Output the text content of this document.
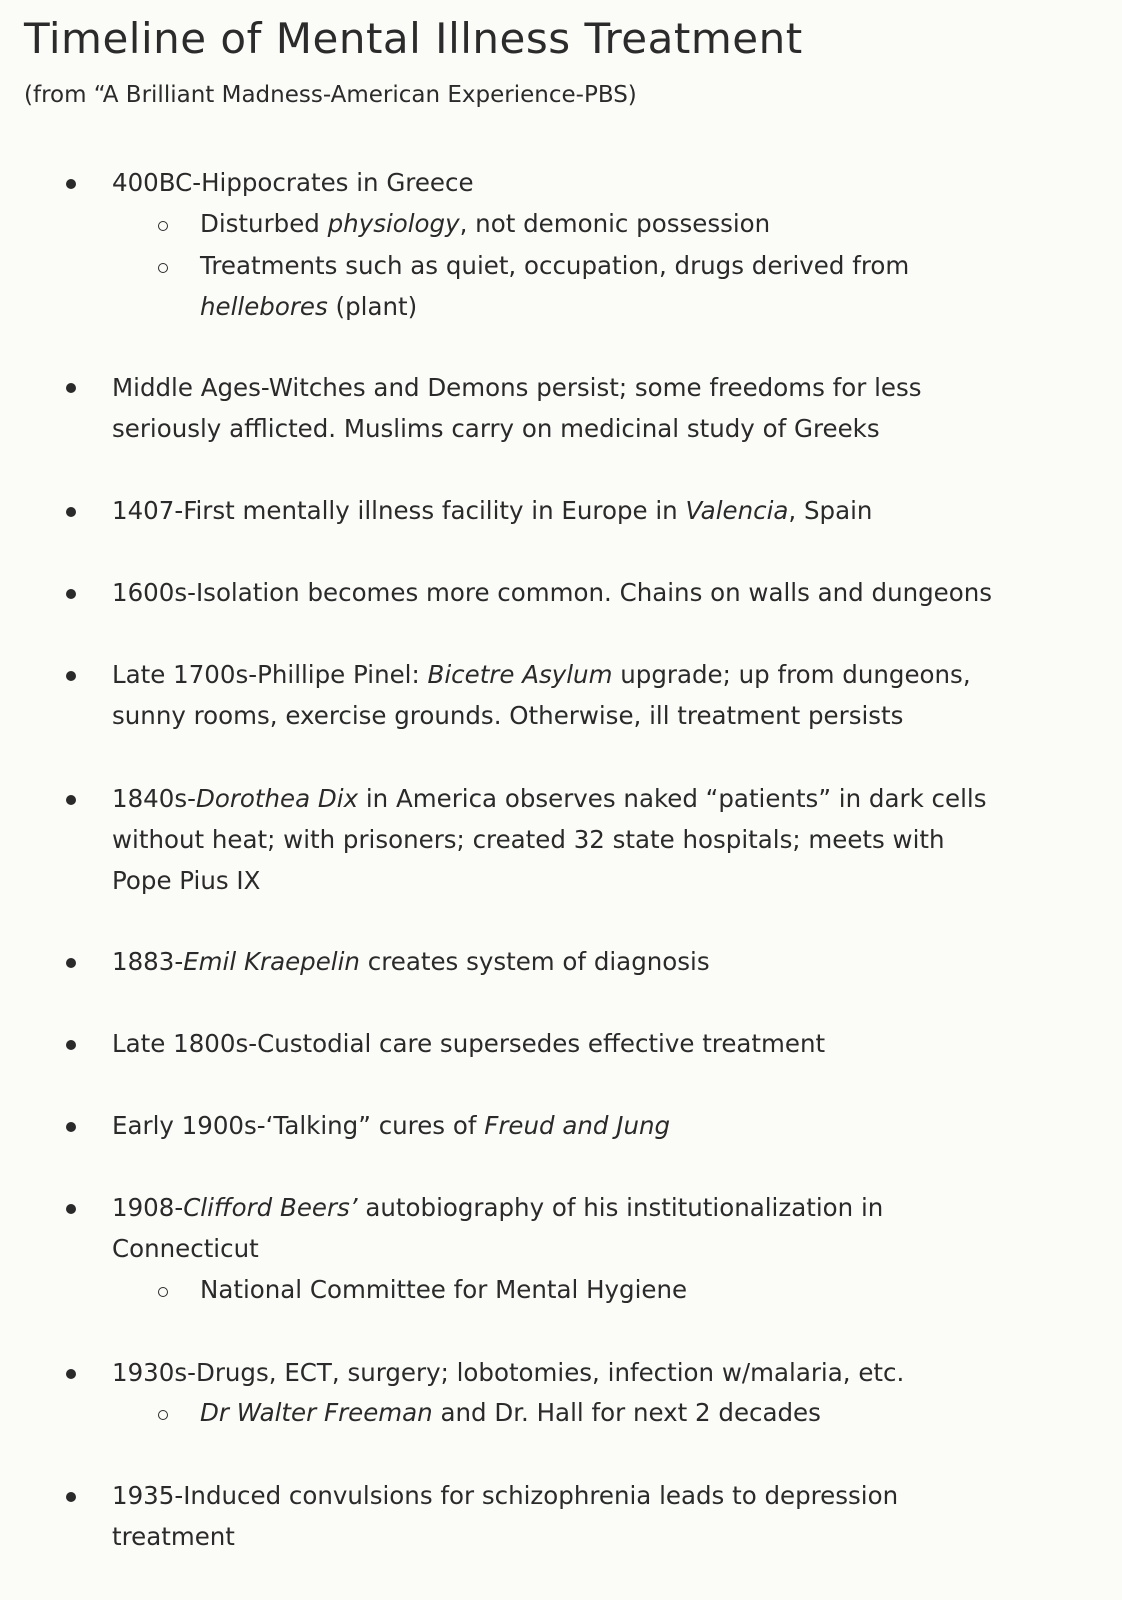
Timeline of Mental Illness Treatment
(from “A Brilliant Madness-American Experience-PBS)
400BC-Hippocrates in Greece
Disturbed physiology, not demonic possession
Treatments such as quiet, occupation, drugs derived from
hellebores (plant)
Middle Ages-Witches and Demons persist; some freedoms for less
seriously afflicted. Muslims carry on medicinal study of Greeks
1407-First mentally illness facility in Europe in Valencia, Spain
1600s-Isolation becomes more common. Chains on walls and dungeons
Late 1700s-Phillipe Pinel: Bicetre Asylum upgrade; up from dungeons,
sunny rooms, exercise grounds. Otherwise, ill treatment persists
1840s-Dorothea Dix in America observes naked “patients” in dark cells
without heat; with prisoners; created 32 state hospitals; meets with
Pope Pius IX
1883-Emil Kraepelin creates system of diagnosis
Late 1800s-Custodial care supersedes effective treatment
Early 1900s-‘Talking” cures of Freud and Jung
1908-Clifford Beers’ autobiography of his institutionalization in
Connecticut
National Committee for Mental Hygiene
1930s-Drugs, ECT, surgery; lobotomies, infection w/malaria, etc.
Dr Walter Freeman and Dr. Hall for next 2 decades
1935-Induced convulsions for schizophrenia leads to depression
treatment
